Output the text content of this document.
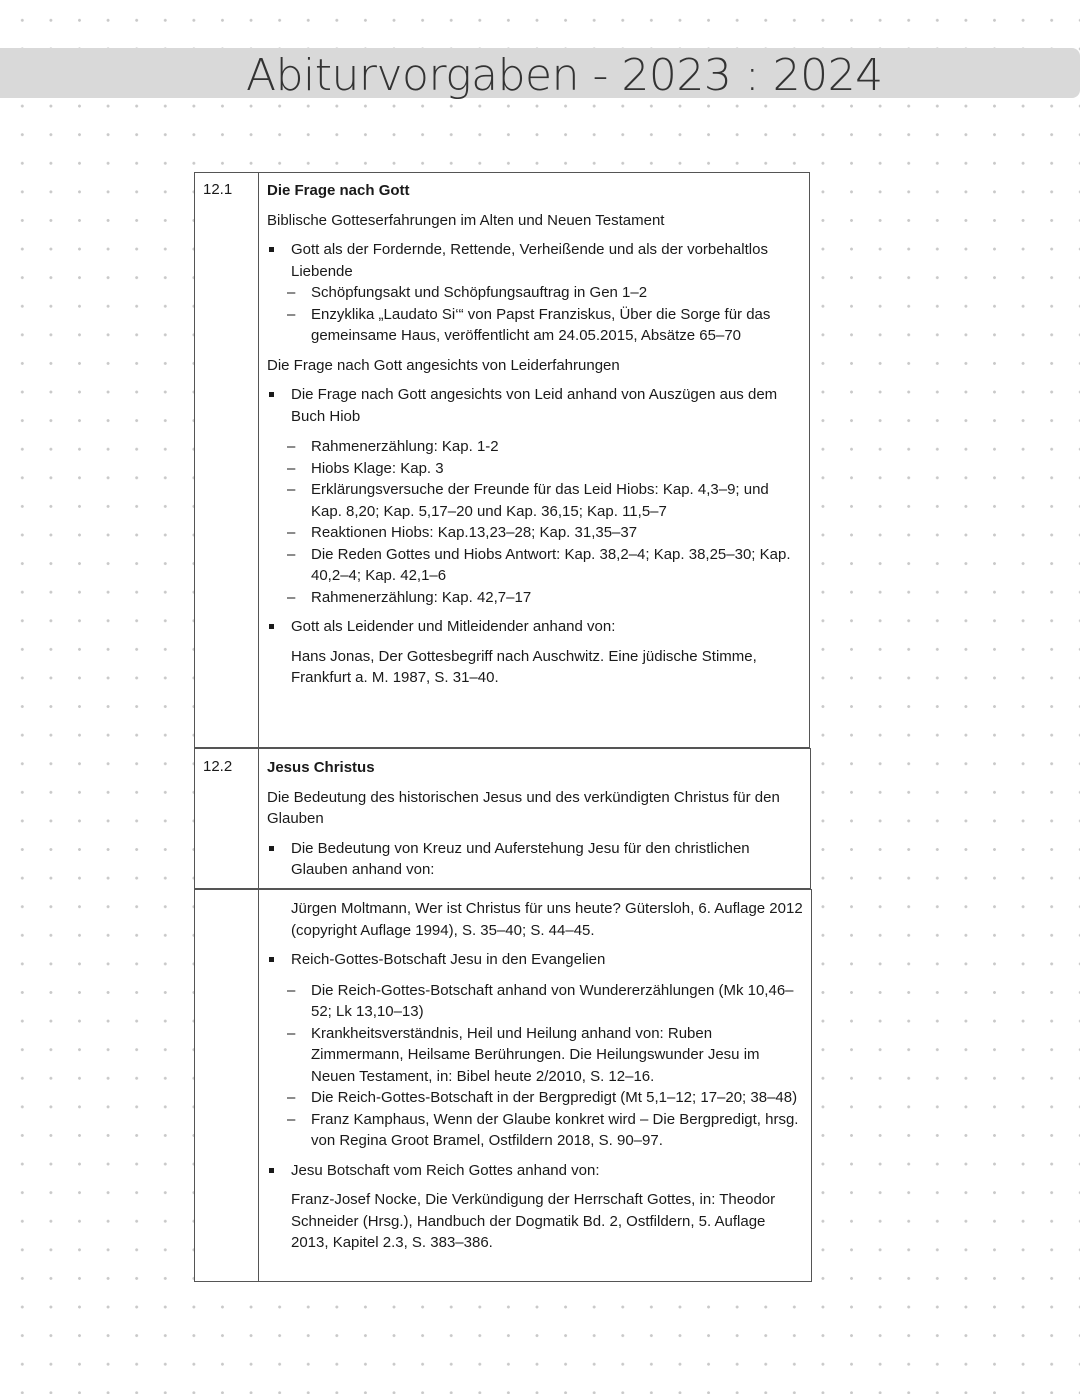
Abiturvorgaben - 2023 : 2024
12.1 Die Frage nach Gott

Biblische Gotteserfahrungen im Alten und Neuen Testament

Gott als der Fordernde, Rettende, Verheißende und als der vorbehaltlos Liebende

– Schöpfungsakt und Schöpfungsauftrag in Gen 1–2

– Enzyklika „Laudato Si‘“ von Papst Franziskus, Über die Sorge für das gemeinsame Haus, veröffentlicht am 24.05.2015, Absätze 65–70

Die Frage nach Gott angesichts von Leiderfahrungen

Die Frage nach Gott angesichts von Leid anhand von Auszügen aus dem Buch Hiob

– Rahmenerzählung: Kap. 1-2

– Hiobs Klage: Kap. 3

– Erklärungsversuche der Freunde für das Leid Hiobs: Kap. 4,3–9; und Kap. 8,20; Kap. 5,17–20 und Kap. 36,15; Kap. 11,5–7

– Reaktionen Hiobs: Kap.13,23–28; Kap. 31,35–37

– Die Reden Gottes und Hiobs Antwort: Kap. 38,2–4; Kap. 38,25–30; Kap. 40,2–4; Kap. 42,1–6

– Rahmenerzählung: Kap. 42,7–17

Gott als Leidender und Mitleidender anhand von:

Hans Jonas, Der Gottesbegriff nach Auschwitz. Eine jüdische Stimme, Frankfurt a. M. 1987, S. 31–40.

12.2 Jesus Christus

Die Bedeutung des historischen Jesus und des verkündigten Christus für den Glauben

Die Bedeutung von Kreuz und Auferstehung Jesu für den christlichen Glauben anhand von:

Jürgen Moltmann, Wer ist Christus für uns heute? Gütersloh, 6. Auflage 2012 (copyright Auflage 1994), S. 35–40; S. 44–45.

Reich-Gottes-Botschaft Jesu in den Evangelien

– Die Reich-Gottes-Botschaft anhand von Wundererzählungen (Mk 10,46–52; Lk 13,10–13)

– Krankheitsverständnis, Heil und Heilung anhand von: Ruben Zimmermann, Heilsame Berührungen. Die Heilungswunder Jesu im Neuen Testament, in: Bibel heute 2/2010, S. 12–16.

– Die Reich-Gottes-Botschaft in der Bergpredigt (Mt 5,1–12; 17–20; 38–48)

– Franz Kamphaus, Wenn der Glaube konkret wird – Die Bergpredigt, hrsg. von Regina Groot Bramel, Ostfildern 2018, S. 90–97.

Jesu Botschaft vom Reich Gottes anhand von:

Franz-Josef Nocke, Die Verkündigung der Herrschaft Gottes, in: Theodor Schneider (Hrsg.), Handbuch der Dogmatik Bd. 2, Ostfildern, 5. Auflage 2013, Kapitel 2.3, S. 383–386.
